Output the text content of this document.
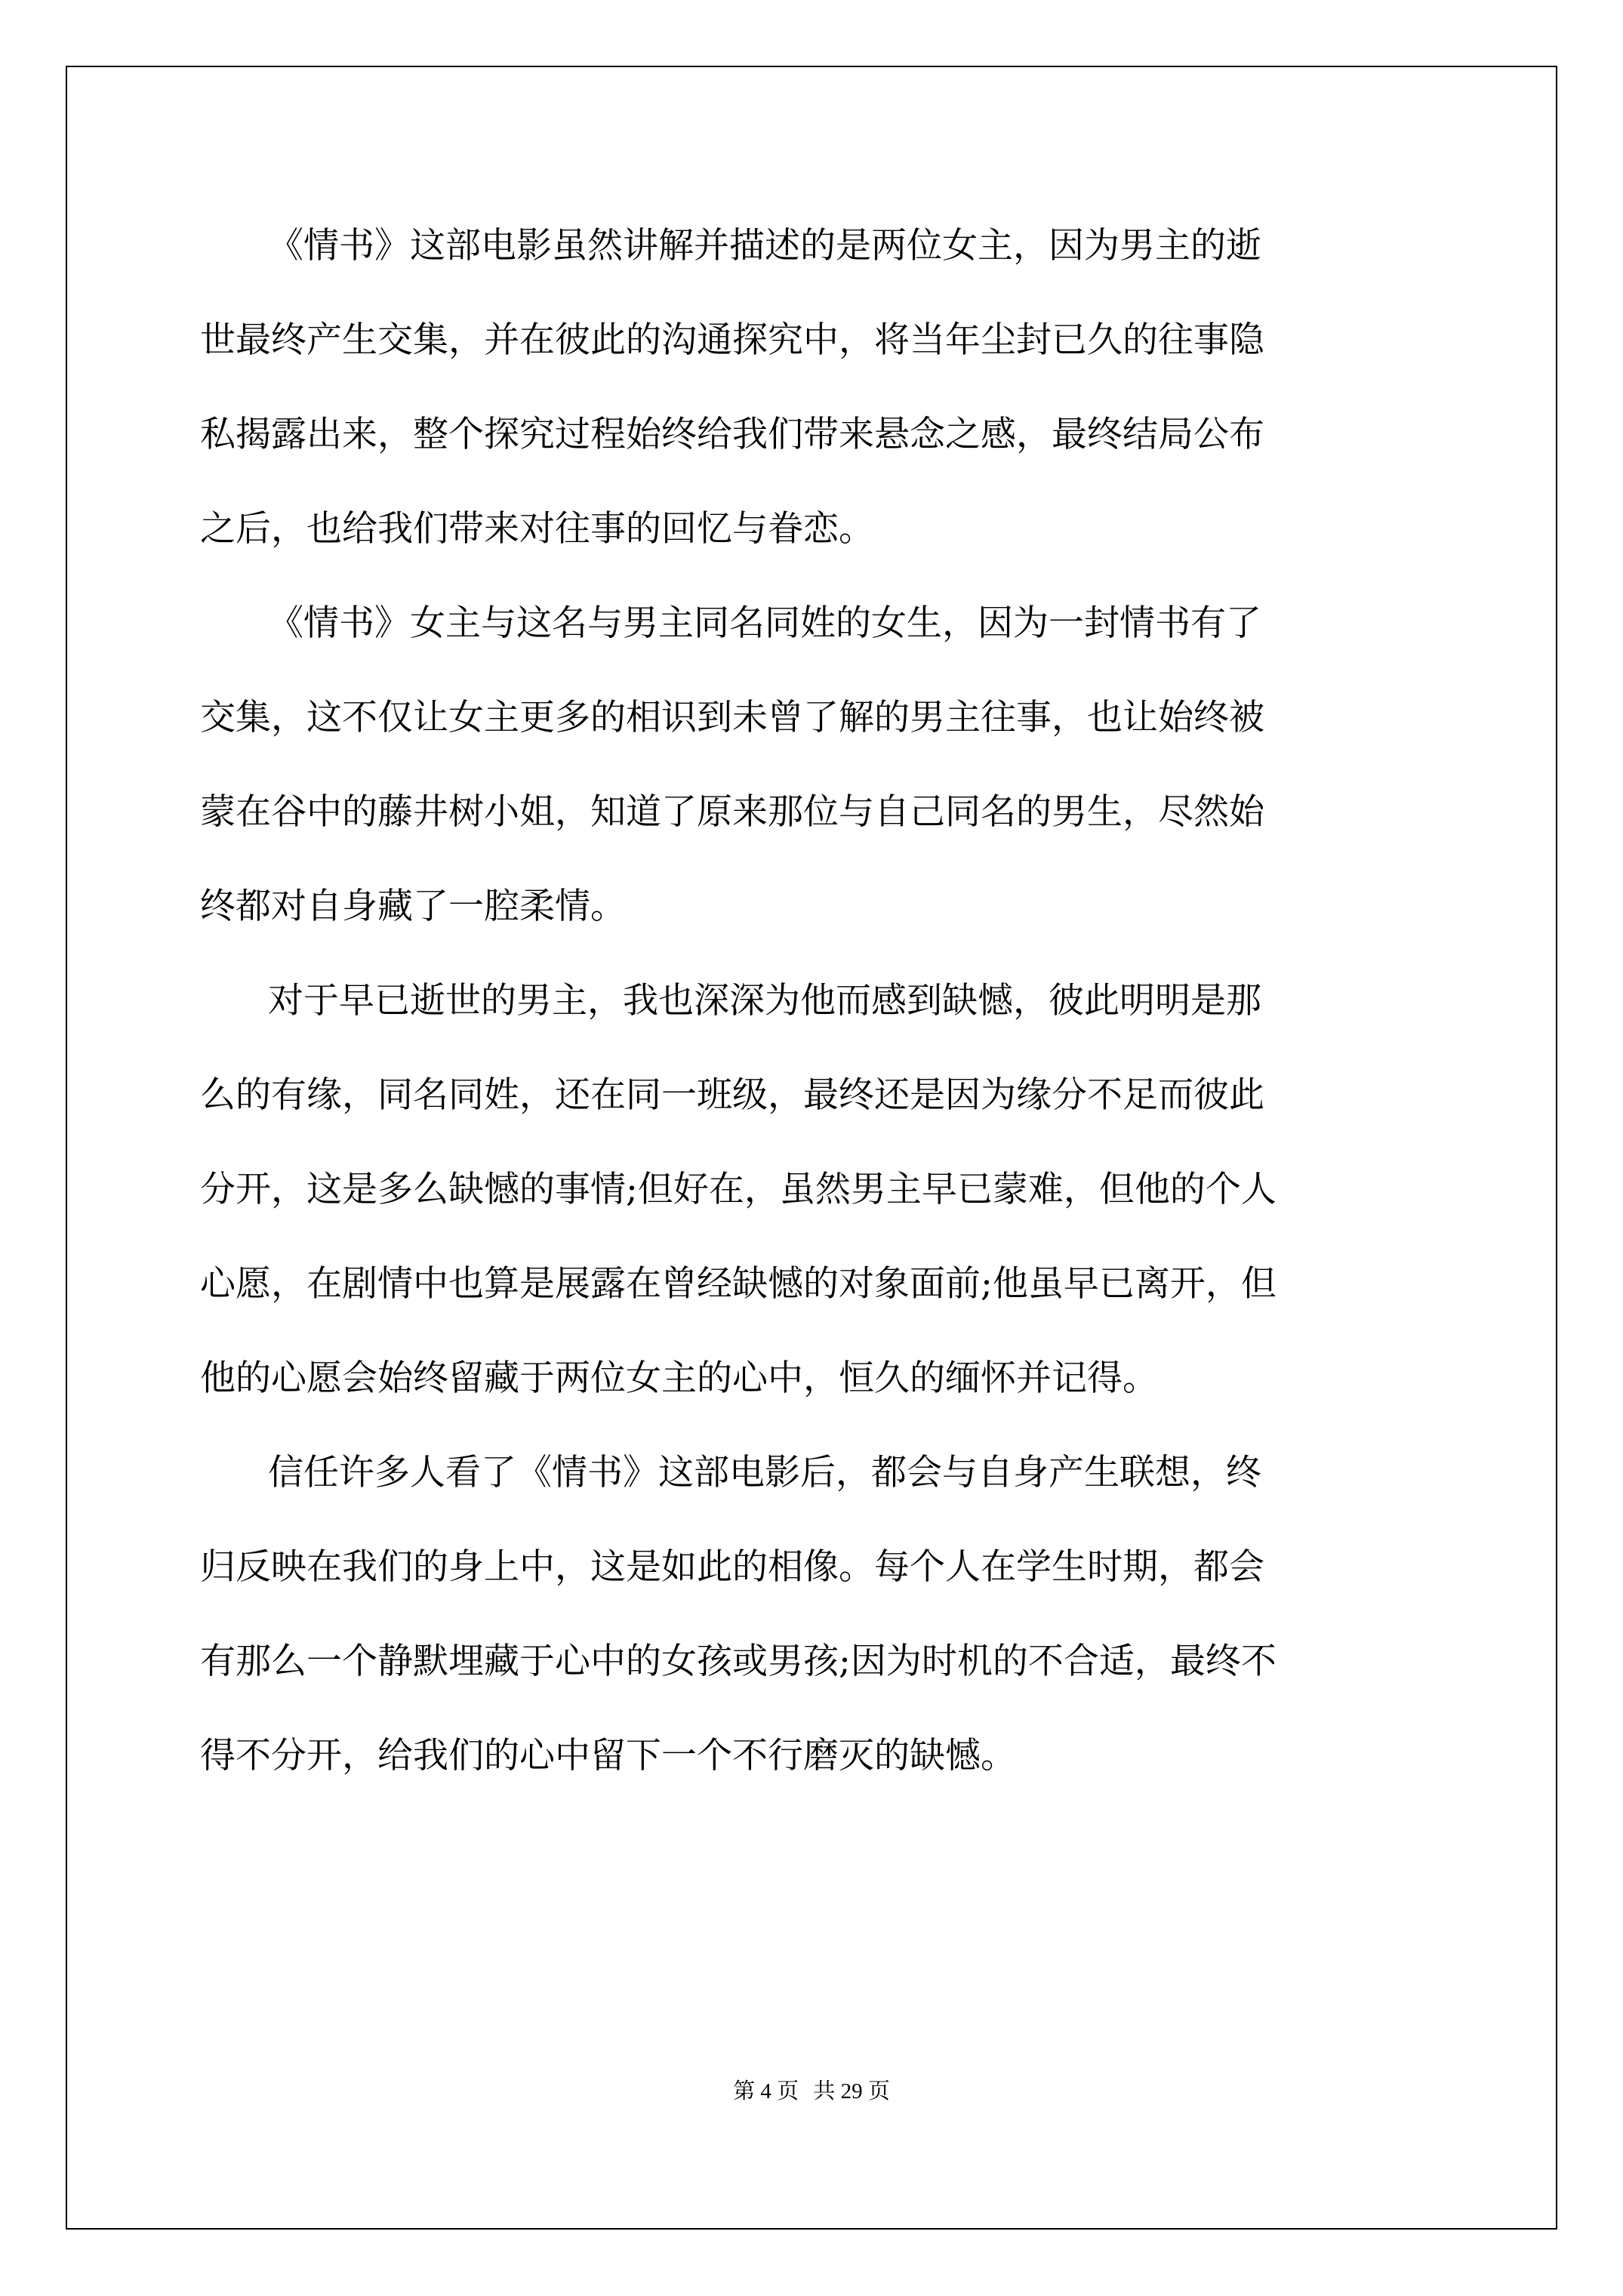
《情书》这部电影虽然讲解并描述的是两位女主，因为男主的逝
世最终产生交集，并在彼此的沟通探究中，将当年尘封已久的往事隐
私揭露出来，整个探究过程始终给我们带来悬念之感，最终结局公布
之后，也给我们带来对往事的回忆与眷恋。
《情书》女主与这名与男主同名同姓的女生，因为一封情书有了
交集，这不仅让女主更多的相识到未曾了解的男主往事，也让始终被
蒙在谷中的藤井树小姐，知道了原来那位与自己同名的男生，尽然始
终都对自身藏了一腔柔情。
对于早已逝世的男主，我也深深为他而感到缺憾，彼此明明是那
么的有缘，同名同姓，还在同一班级，最终还是因为缘分不足而彼此
分开，这是多么缺憾的事情;但好在，虽然男主早已蒙难，但他的个人
心愿，在剧情中也算是展露在曾经缺憾的对象面前;他虽早已离开，但
他的心愿会始终留藏于两位女主的心中，恒久的缅怀并记得。
信任许多人看了《情书》这部电影后，都会与自身产生联想，终
归反映在我们的身上中，这是如此的相像。每个人在学生时期，都会
有那么一个静默埋藏于心中的女孩或男孩;因为时机的不合适，最终不
得不分开，给我们的心中留下一个不行磨灭的缺憾。
第 4 页 共 29 页
